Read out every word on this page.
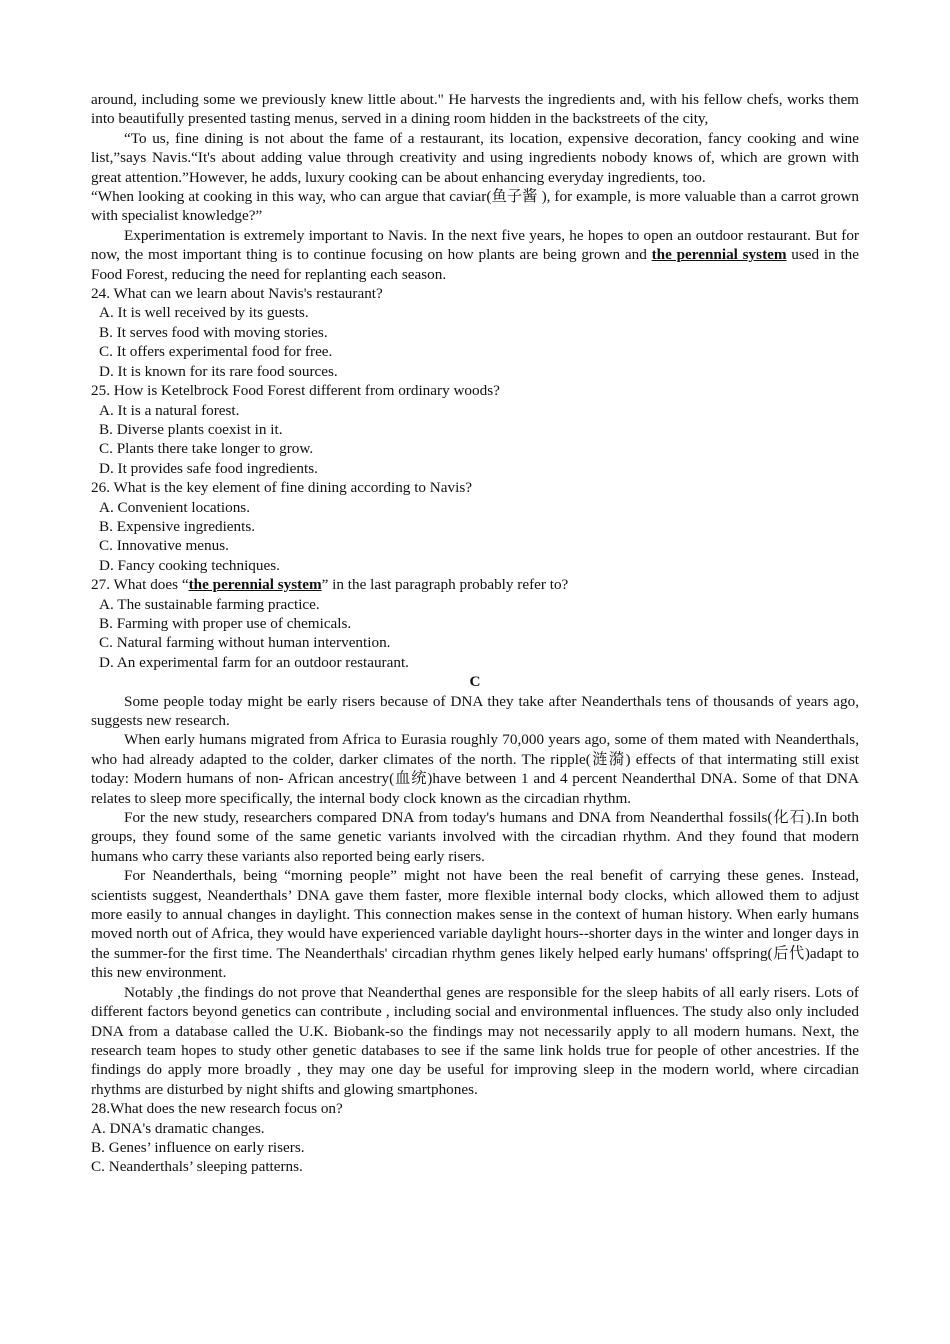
around, including some we previously knew little about." He harvests the ingredients and, with his fellow chefs, works them into beautifully presented tasting menus, served in a dining room hidden in the backstreets of the city,

“To us, fine dining is not about the fame of a restaurant, its location, expensive decoration, fancy cooking and wine list,”says Navis.“It's about adding value through creativity and using ingredients nobody knows of, which are grown with great attention.”However, he adds, luxury cooking can be about enhancing everyday ingredients, too.

“When looking at cooking in this way, who can argue that caviar(鱼子酱 ), for example, is more valuable than a carrot grown with specialist knowledge?”

Experimentation is extremely important to Navis. In the next five years, he hopes to open an outdoor restaurant. But for now, the most important thing is to continue focusing on how plants are being grown and the perennial system used in the Food Forest, reducing the need for replanting each season.

24. What can we learn about Navis's restaurant?

A. It is well received by its guests.

B. It serves food with moving stories.

C. It offers experimental food for free.

D. It is known for its rare food sources.

25. How is Ketelbrock Food Forest different from ordinary woods?

A. It is a natural forest.

B. Diverse plants coexist in it.

C. Plants there take longer to grow.

D. It provides safe food ingredients.

26. What is the key element of fine dining according to Navis?

A. Convenient locations.

B. Expensive ingredients.

C. Innovative menus.

D. Fancy cooking techniques.

27. What does “the perennial system” in the last paragraph probably refer to?

A. The sustainable farming practice.

B. Farming with proper use of chemicals.

C. Natural farming without human intervention.

D. An experimental farm for an outdoor restaurant.

C

Some people today might be early risers because of DNA they take after Neanderthals tens of thousands of years ago, suggests new research.

When early humans migrated from Africa to Eurasia roughly 70,000 years ago, some of them mated with Neanderthals, who had already adapted to the colder, darker climates of the north. The ripple(涟漪) effects of that intermating still exist today: Modern humans of non- African ancestry(血统)have between 1 and 4 percent Neanderthal DNA. Some of that DNA relates to sleep more specifically, the internal body clock known as the circadian rhythm.

For the new study, researchers compared DNA from today's humans and DNA from Neanderthal fossils(化石).In both groups, they found some of the same genetic variants involved with the circadian rhythm. And they found that modern humans who carry these variants also reported being early risers.

For Neanderthals, being “morning people” might not have been the real benefit of carrying these genes. Instead, scientists suggest, Neanderthals’ DNA gave them faster, more flexible internal body clocks, which allowed them to adjust more easily to annual changes in daylight. This connection makes sense in the context of human history. When early humans moved north out of Africa, they would have experienced variable daylight hours--shorter days in the winter and longer days in the summer-for the first time. The Neanderthals' circadian rhythm genes likely helped early humans' offspring(后代)adapt to this new environment.

Notably ,the findings do not prove that Neanderthal genes are responsible for the sleep habits of all early risers. Lots of different factors beyond genetics can contribute , including social and environmental influences. The study also only included DNA from a database called the U.K. Biobank-so the findings may not necessarily apply to all modern humans. Next, the research team hopes to study other genetic databases to see if the same link holds true for people of other ancestries. If the findings do apply more broadly , they may one day be useful for improving sleep in the modern world, where circadian rhythms are disturbed by night shifts and glowing smartphones.

28.What does the new research focus on?

A. DNA's dramatic changes.

B. Genes’ influence on early risers.

C. Neanderthals’ sleeping patterns.
